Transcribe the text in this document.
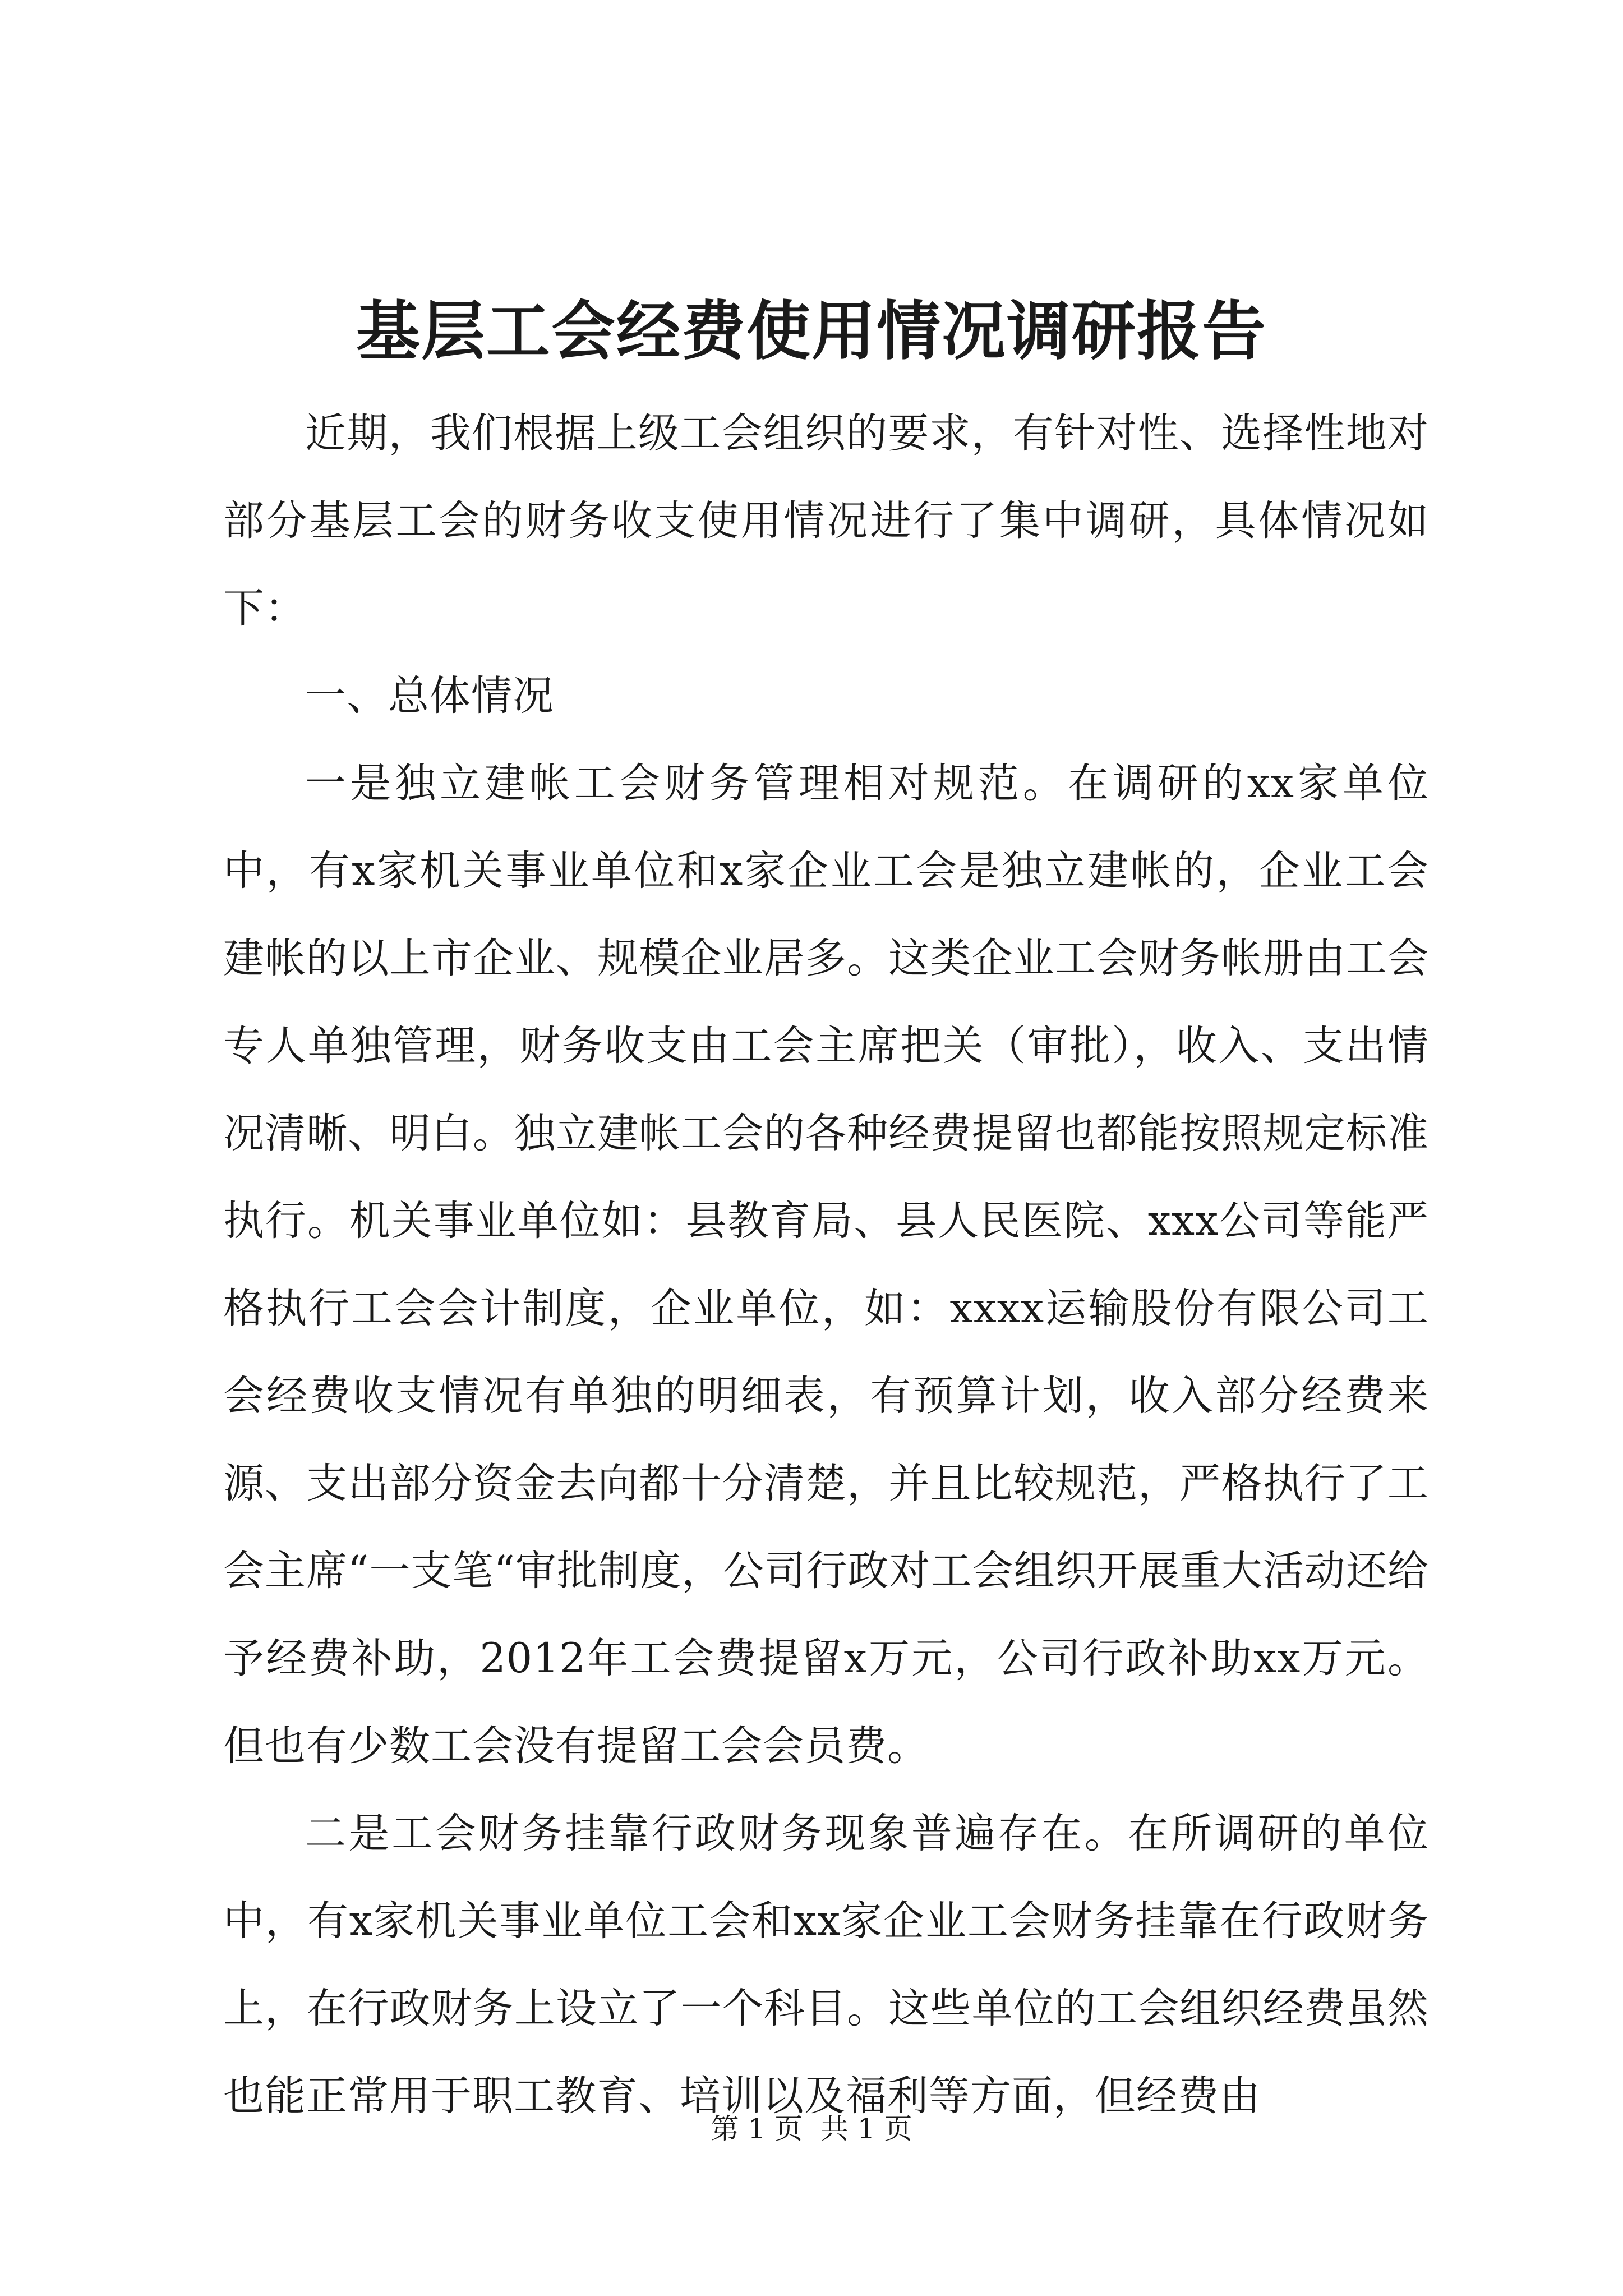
基层工会经费使用情况调研报告

近期，我们根据上级工会组织的要求，有针对性、选择性地对部分基层工会的财务收支使用情况进行了集中调研，具体情况如下：

一、总体情况

一是独立建帐工会财务管理相对规范。在调研的xx家单位中，有x家机关事业单位和x家企业工会是独立建帐的，企业工会建帐的以上市企业、规模企业居多。这类企业工会财务帐册由工会专人单独管理，财务收支由工会主席把关（审批），收入、支出情况清晰、明白。独立建帐工会的各种经费提留也都能按照规定标准执行。机关事业单位如：县教育局、县人民医院、xxx公司等能严格执行工会会计制度，企业单位，如：xxxx运输股份有限公司工会经费收支情况有单独的明细表，有预算计划，收入部分经费来源、支出部分资金去向都十分清楚，并且比较规范，严格执行了工会主席“一支笔“审批制度，公司行政对工会组织开展重大活动还给予经费补助，2012年工会费提留x万元，公司行政补助xx万元。但也有少数工会没有提留工会会员费。

二是工会财务挂靠行政财务现象普遍存在。在所调研的单位中，有x家机关事业单位工会和xx家企业工会财务挂靠在行政财务上，在行政财务上设立了一个科目。这些单位的工会组织经费虽然也能正常用于职工教育、培训以及福利等方面，但经费由

第 1 页  共 1 页
